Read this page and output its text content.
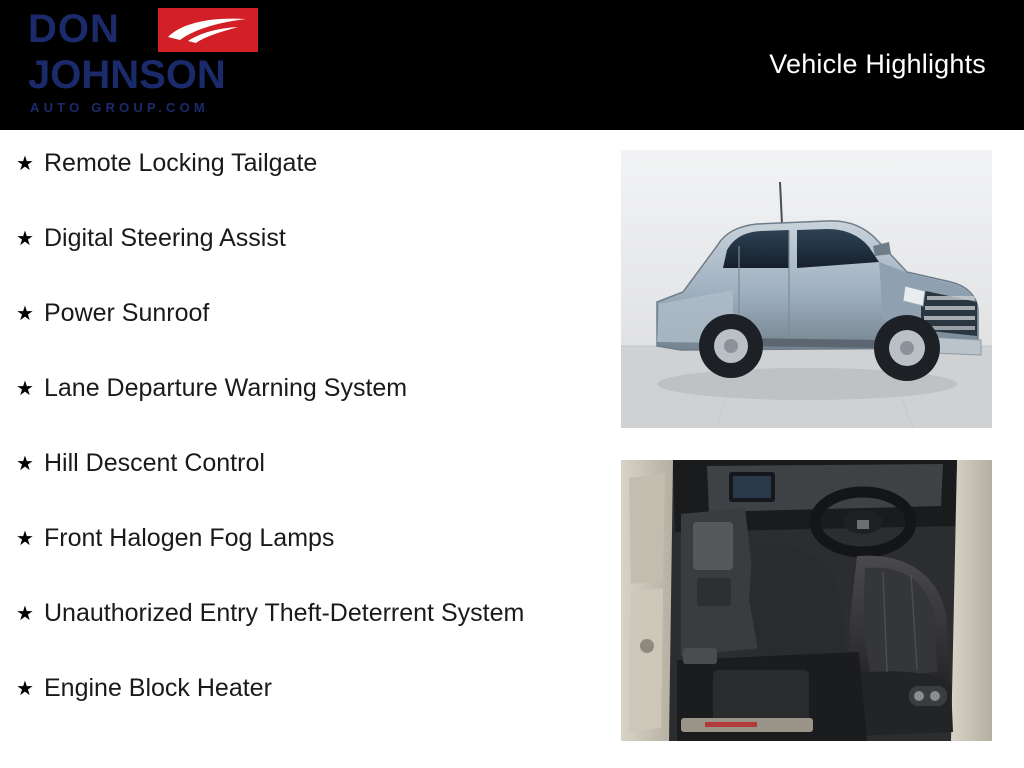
DON
JOHNSON
AUTO GROUP.COM
Vehicle Highlights
★ Remote Locking Tailgate
★ Digital Steering Assist
★ Power Sunroof
★ Lane Departure Warning System
★ Hill Descent Control
★ Front Halogen Fog Lamps
★ Unauthorized Entry Theft-Deterrent System
★ Engine Block Heater
